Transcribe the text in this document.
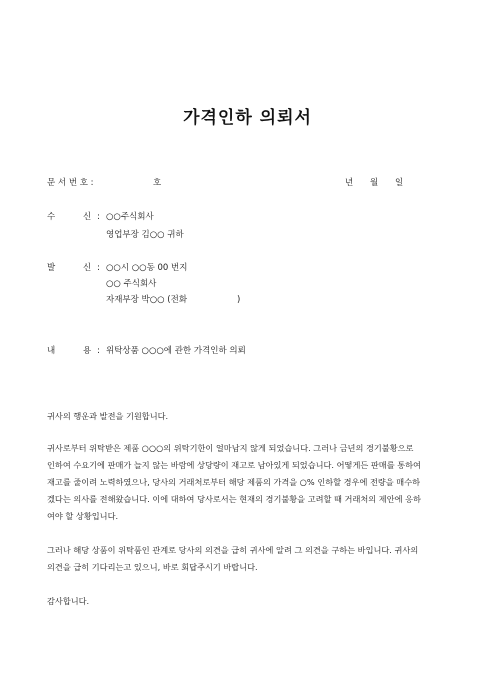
가격인하 의뢰서
문 서 번 호 :	호	년 월 일
수	신 : ○○주식회사
영업부장 김○○ 귀하
발	신 : ○○시 ○○동 00 번지
○○ 주식회사
자재부장 박○○ (전화	)
내	용 : 위탁상품 ○○○에 관한 가격인하 의뢰

귀사의 행운과 발전을 기원합니다.

귀사로부터 위탁받은 제품 ○○○의 위탁기한이 얼마남지 않게 되었습니다. 그러나 금년의 경기불황으로
인하여 수요기에 판매가 늘지 않는 바람에 상당량이 재고로 남아있게 되었습니다. 어떻게든 판매를 통하여
재고를 줄이려 노력하였으나, 당사의 거래처로부터 해당 제품의 가격을 ○% 인하할 경우에 전량을 매수하
겠다는 의사를 전해왔습니다. 이에 대하여 당사로서는 현재의 경기불황을 고려할 때 거래처의 제안에 응하
여야 할 상황입니다.
그러나 해당 상품이 위탁품인 관계로 당사의 의견을 급히 귀사에 알려 그 의견을 구하는 바입니다. 귀사의
의견을 급히 기다리는고 있으니, 바로 회답주시기 바랍니다.

감사합니다.
